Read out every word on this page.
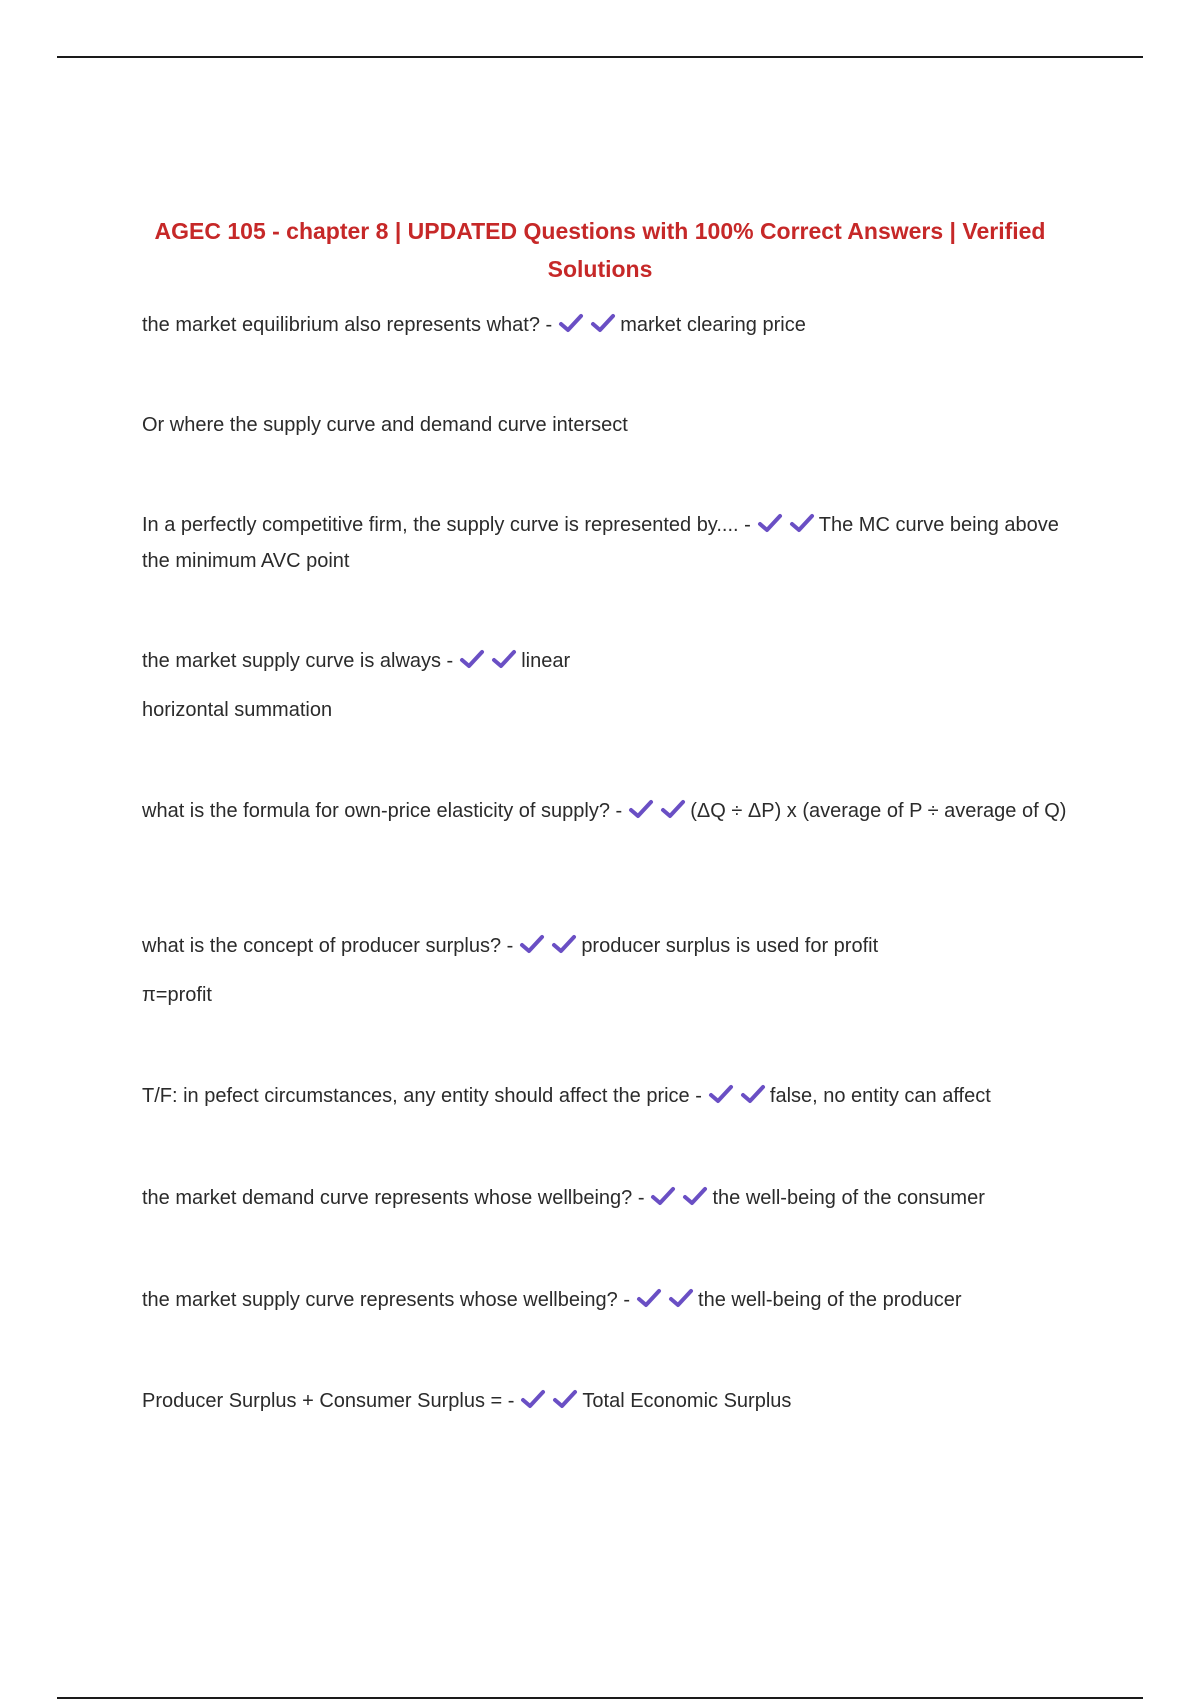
AGEC 105 - chapter 8 | UPDATED Questions with 100% Correct Answers | Verified Solutions

the market equilibrium also represents what? -	market clearing price

Or where the supply curve and demand curve intersect

In a perfectly competitive firm, the supply curve is represented by.... -	The MC curve being above the minimum AVC point

the market supply curve is always -	linear

horizontal summation

what is the formula for own-price elasticity of supply? -	(ΔQ ÷ ΔP) x (average of P ÷ average of Q)

what is the concept of producer surplus? -	producer surplus is used for profit

π=profit

T/F: in pefect circumstances, any entity should affect the price -	false, no entity can affect

the market demand curve represents whose wellbeing? -	the well-being of the consumer

the market supply curve represents whose wellbeing? -	the well-being of the producer

Producer Surplus + Consumer Surplus = -	Total Economic Surplus
